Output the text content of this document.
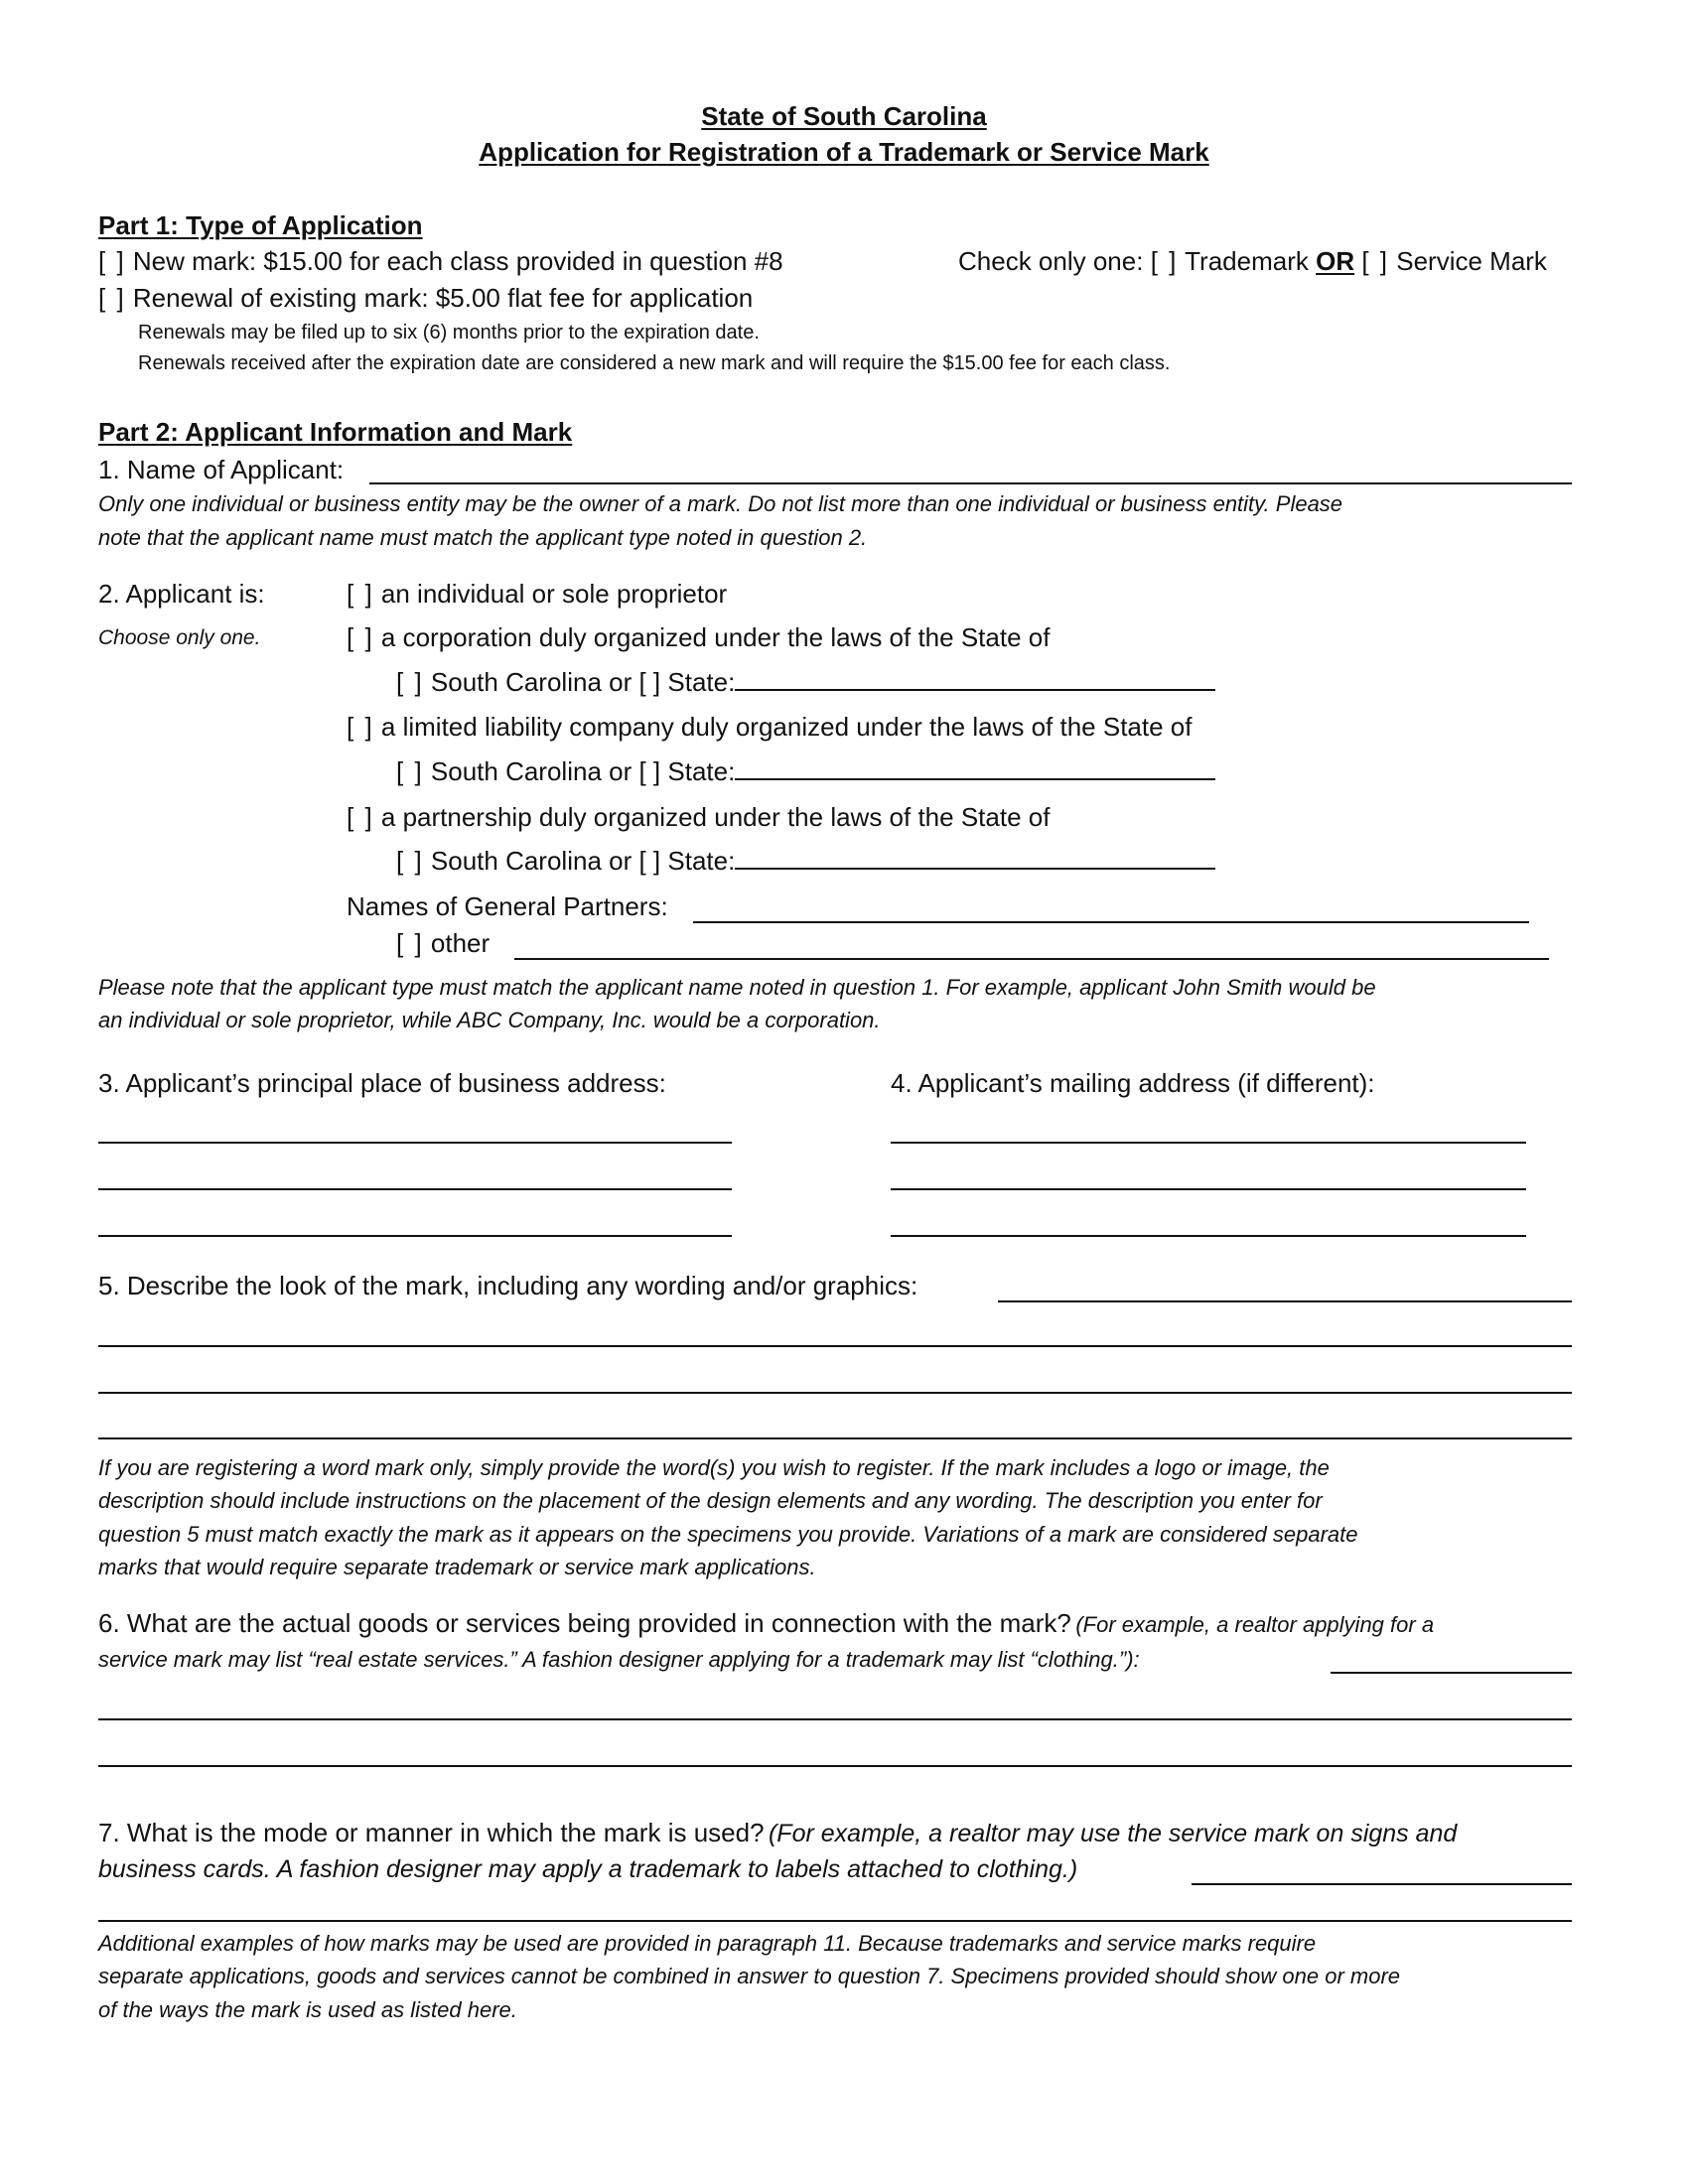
State of South Carolina
Application for Registration of a Trademark or Service Mark
Part 1: Type of Application
[ ] New mark: $15.00 for each class provided in question #8	Check only one: [ ] Trademark OR [ ] Service Mark
[ ] Renewal of existing mark: $5.00 flat fee for application
Renewals may be filed up to six (6) months prior to the expiration date.
Renewals received after the expiration date are considered a new mark and will require the $15.00 fee for each class.
Part 2: Applicant Information and Mark
1. Name of Applicant:
Only one individual or business entity may be the owner of a mark. Do not list more than one individual or business entity. Please
note that the applicant name must match the applicant type noted in question 2.
2. Applicant is:
Choose only one.
[ ] an individual or sole proprietor
[ ] a corporation duly organized under the laws of the State of
[ ] South Carolina or [ ] State:
[ ] a limited liability company duly organized under the laws of the State of
[ ] South Carolina or [ ] State:
[ ] a partnership duly organized under the laws of the State of
[ ] South Carolina or [ ] State:
Names of General Partners:
[ ] other
Please note that the applicant type must match the applicant name noted in question 1. For example, applicant John Smith would be
an individual or sole proprietor, while ABC Company, Inc. would be a corporation.
3. Applicant’s principal place of business address:	4. Applicant’s mailing address (if different):
5. Describe the look of the mark, including any wording and/or graphics:
If you are registering a word mark only, simply provide the word(s) you wish to register. If the mark includes a logo or image, the
description should include instructions on the placement of the design elements and any wording. The description you enter for
question 5 must match exactly the mark as it appears on the specimens you provide. Variations of a mark are considered separate
marks that would require separate trademark or service mark applications.
6. What are the actual goods or services being provided in connection with the mark? (For example, a realtor applying for a
service mark may list “real estate services.” A fashion designer applying for a trademark may list “clothing.”):
7. What is the mode or manner in which the mark is used? (For example, a realtor may use the service mark on signs and
business cards. A fashion designer may apply a trademark to labels attached to clothing.)
Additional examples of how marks may be used are provided in paragraph 11. Because trademarks and service marks require
separate applications, goods and services cannot be combined in answer to question 7. Specimens provided should show one or more
of the ways the mark is used as listed here.
